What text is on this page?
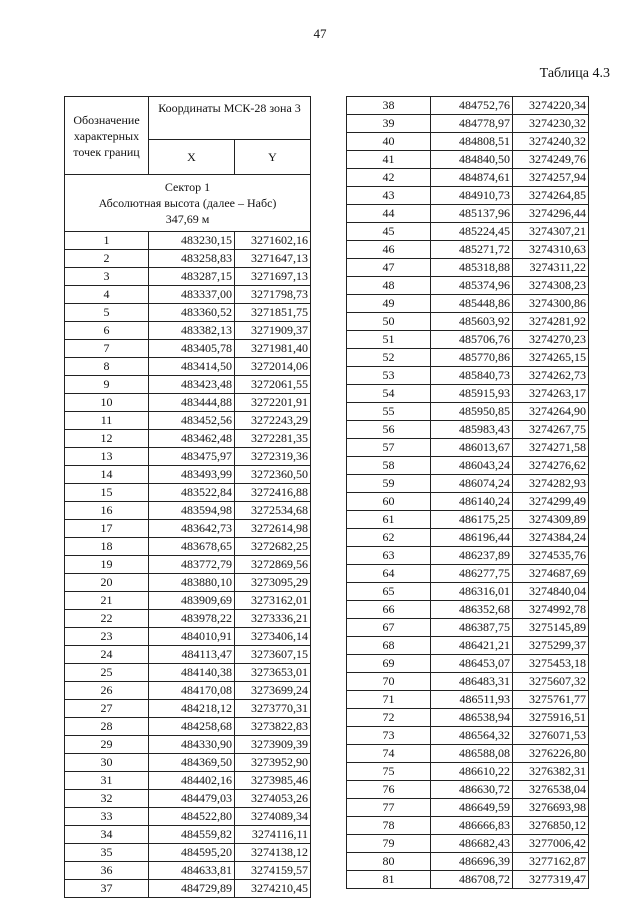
47
Таблица 4.3
Обозначение характерных точек границ	Координаты МСК-28 зона 3	
	X	Y
Сектор 1
Абсолютная высота (далее – Набс)
347,69 м		
1	483230,15	3271602,16
2	483258,83	3271647,13
3	483287,15	3271697,13
4	483337,00	3271798,73
5	483360,52	3271851,75
6	483382,13	3271909,37
7	483405,78	3271981,40
8	483414,50	3272014,06
9	483423,48	3272061,55
10	483444,88	3272201,91
11	483452,56	3272243,29
12	483462,48	3272281,35
13	483475,97	3272319,36
14	483493,99	3272360,50
15	483522,84	3272416,88
16	483594,98	3272534,68
17	483642,73	3272614,98
18	483678,65	3272682,25
19	483772,79	3272869,56
20	483880,10	3273095,29
21	483909,69	3273162,01
22	483978,22	3273336,21
23	484010,91	3273406,14
24	484113,47	3273607,15
25	484140,38	3273653,01
26	484170,08	3273699,24
27	484218,12	3273770,31
28	484258,68	3273822,83
29	484330,90	3273909,39
30	484369,50	3273952,90
31	484402,16	3273985,46
32	484479,03	3274053,26
33	484522,80	3274089,34
34	484559,82	3274116,11
35	484595,20	3274138,12
36	484633,81	3274159,57
37	484729,89	3274210,45
38	484752,76	3274220,34
39	484778,97	3274230,32
40	484808,51	3274240,32
41	484840,50	3274249,76
42	484874,61	3274257,94
43	484910,73	3274264,85
44	485137,96	3274296,44
45	485224,45	3274307,21
46	485271,72	3274310,63
47	485318,88	3274311,22
48	485374,96	3274308,23
49	485448,86	3274300,86
50	485603,92	3274281,92
51	485706,76	3274270,23
52	485770,86	3274265,15
53	485840,73	3274262,73
54	485915,93	3274263,17
55	485950,85	3274264,90
56	485983,43	3274267,75
57	486013,67	3274271,58
58	486043,24	3274276,62
59	486074,24	3274282,93
60	486140,24	3274299,49
61	486175,25	3274309,89
62	486196,44	3274384,24
63	486237,89	3274535,76
64	486277,75	3274687,69
65	486316,01	3274840,04
66	486352,68	3274992,78
67	486387,75	3275145,89
68	486421,21	3275299,37
69	486453,07	3275453,18
70	486483,31	3275607,32
71	486511,93	3275761,77
72	486538,94	3275916,51
73	486564,32	3276071,53
74	486588,08	3276226,80
75	486610,22	3276382,31
76	486630,72	3276538,04
77	486649,59	3276693,98
78	486666,83	3276850,12
79	486682,43	3277006,42
80	486696,39	3277162,87
81	486708,72	3277319,47
